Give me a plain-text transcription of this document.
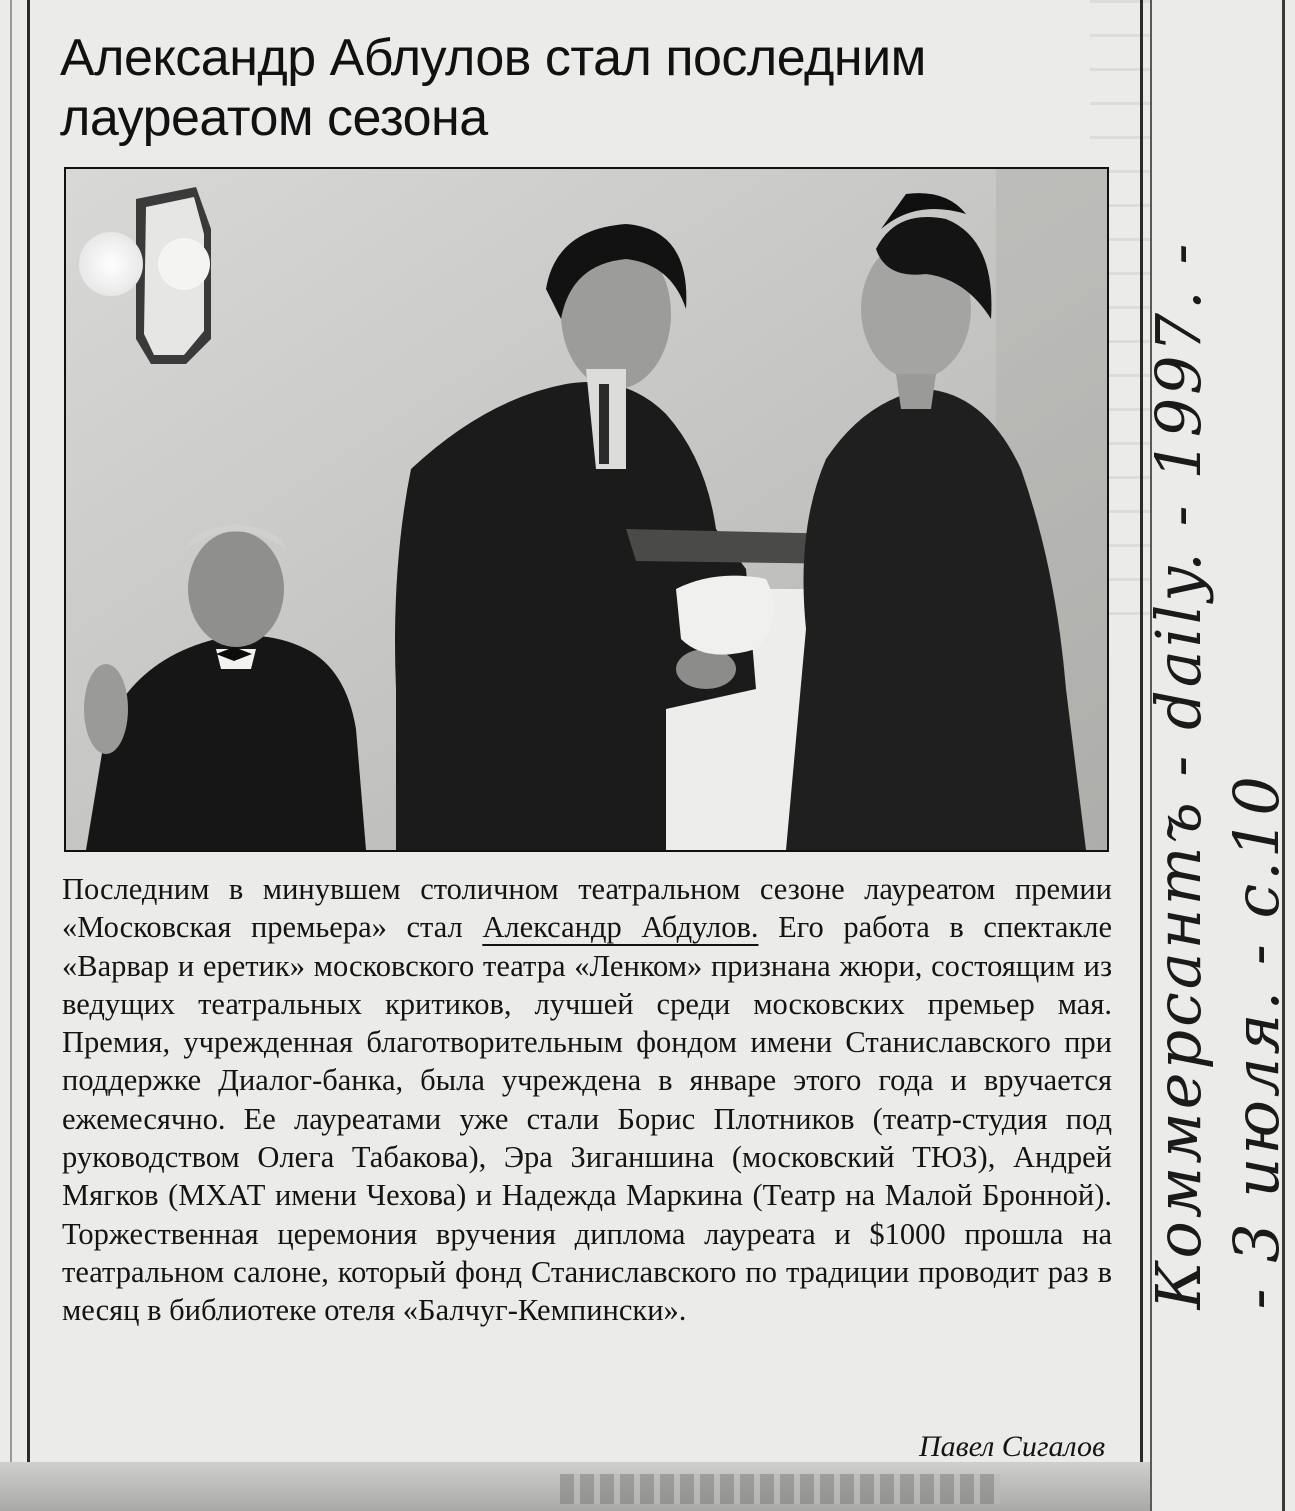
Александр Аблулов стал последним
лауреатом сезона

Последним в минувшем столичном театральном сезоне лауреатом премии «Московская премьера» стал Александр Абдулов. Его работа в спектакле «Варвар и еретик» московского театра «Ленком» признана жюри, состоящим из ведущих театральных критиков, лучшей среди московских премьер мая. Премия, учрежденная благотворительным фондом имени Станиславского при поддержке Диалог-банка, была учреждена в январе этого года и вручается ежемесячно. Ее лауреатами уже стали Борис Плотников (театр-студия под руководством Олега Табакова), Эра Зиганшина (московский ТЮЗ), Андрей Мягков (МХАТ имени Чехова) и Надежда Маркина (Театр на Малой Бронной). Торжественная церемония вручения диплома лауреата и $1000 прошла на театральном салоне, который фонд Станиславского по традиции проводит раз в месяц в библиотеке отеля «Балчуг-Кемпински».

Павел Сигалов
Коммерсантъ - daily. - 1997. - - 3 июля. - с.10
